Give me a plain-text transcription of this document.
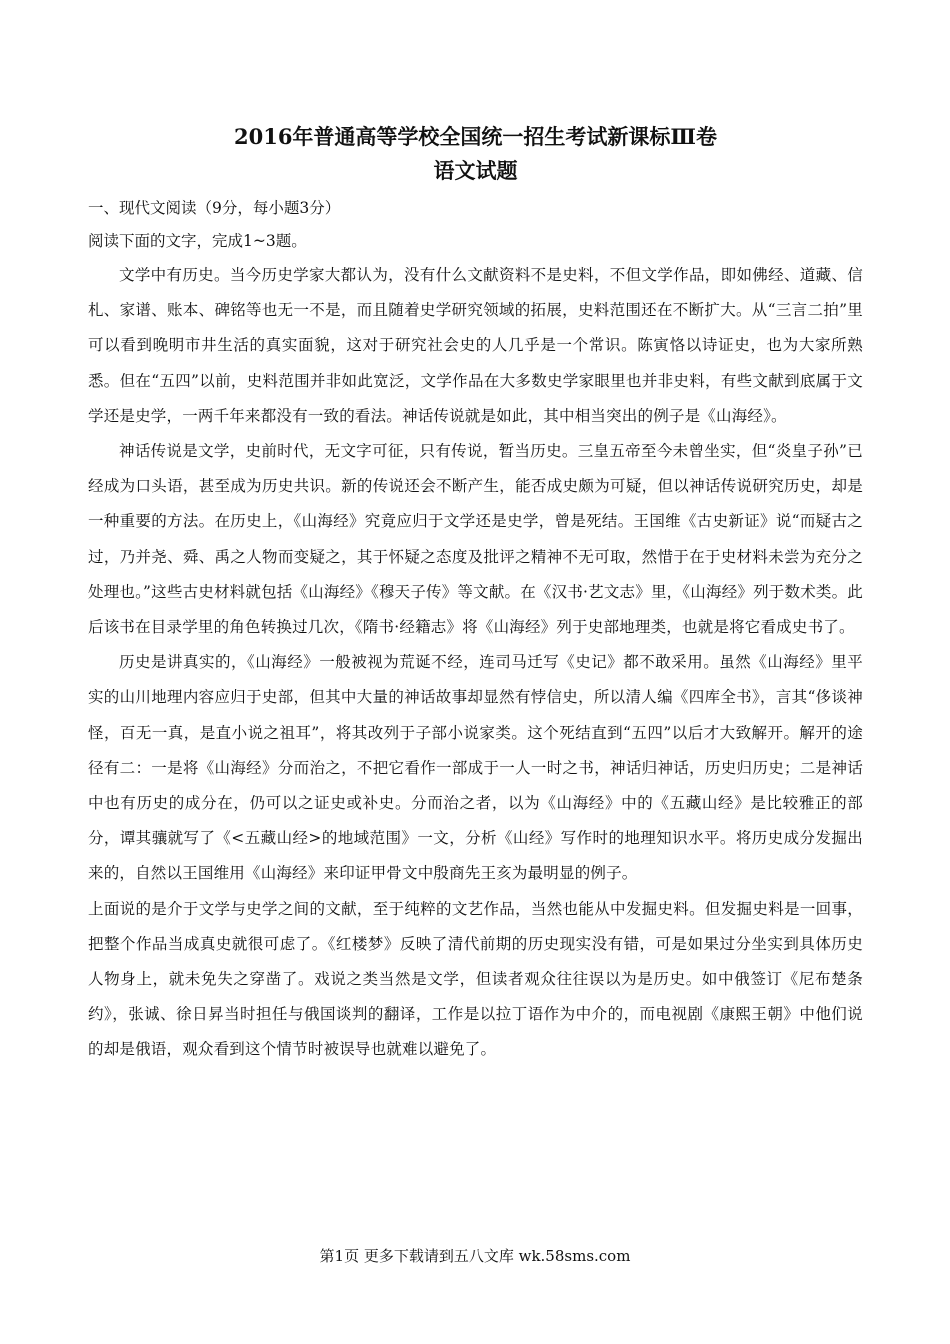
2016年普通高等学校全国统一招生考试新课标Ⅲ卷
语文试题

一、现代文阅读（9分，每小题3分）

阅读下面的文字，完成1~3题。

文学中有历史。当今历史学家大都认为，没有什么文献资料不是史料，不但文学作品，即如佛经、道藏、信札、家谱、账本、碑铭等也无一不是，而且随着史学研究领域的拓展，史料范围还在不断扩大。从“三言二拍”里可以看到晚明市井生活的真实面貌，这对于研究社会史的人几乎是一个常识。陈寅恪以诗证史，也为大家所熟悉。但在“五四”以前，史料范围并非如此宽泛，文学作品在大多数史学家眼里也并非史料，有些文献到底属于文学还是史学，一两千年来都没有一致的看法。神话传说就是如此，其中相当突出的例子是《山海经》。

神话传说是文学，史前时代，无文字可征，只有传说，暂当历史。三皇五帝至今未曾坐实，但“炎皇子孙”已经成为口头语，甚至成为历史共识。新的传说还会不断产生，能否成史颇为可疑，但以神话传说研究历史，却是一种重要的方法。在历史上，《山海经》究竟应归于文学还是史学，曾是死结。王国维《古史新证》说“而疑古之过，乃并尧、舜、禹之人物而变疑之，其于怀疑之态度及批评之精神不无可取，然惜于在于史材料未尝为充分之处理也。”这些古史材料就包括《山海经》《穆天子传》等文献。在《汉书·艺文志》里，《山海经》列于数术类。此后该书在目录学里的角色转换过几次，《隋书·经籍志》将《山海经》列于史部地理类，也就是将它看成史书了。

历史是讲真实的，《山海经》一般被视为荒诞不经，连司马迁写《史记》都不敢采用。虽然《山海经》里平实的山川地理内容应归于史部，但其中大量的神话故事却显然有悖信史，所以清人编《四库全书》，言其“侈谈神怪，百无一真，是直小说之祖耳”，将其改列于子部小说家类。这个死结直到“五四”以后才大致解开。解开的途径有二：一是将《山海经》分而治之，不把它看作一部成于一人一时之书，神话归神话，历史归历史；二是神话中也有历史的成分在，仍可以之证史或补史。分而治之者，以为《山海经》中的《五藏山经》是比较雅正的部分，谭其骧就写了《<五藏山经>的地域范围》一文，分析《山经》写作时的地理知识水平。将历史成分发掘出来的，自然以王国维用《山海经》来印证甲骨文中殷商先王亥为最明显的例子。

上面说的是介于文学与史学之间的文献，至于纯粹的文艺作品，当然也能从中发掘史料。但发掘史料是一回事，把整个作品当成真史就很可虑了。《红楼梦》反映了清代前期的历史现实没有错，可是如果过分坐实到具体历史人物身上，就未免失之穿凿了。戏说之类当然是文学，但读者观众往往误以为是历史。如中俄签订《尼布楚条约》，张诚、徐日昇当时担任与俄国谈判的翻译，工作是以拉丁语作为中介的，而电视剧《康熙王朝》中他们说的却是俄语，观众看到这个情节时被误导也就难以避免了。

第1页 更多下载请到五八文库 wk.58sms.com
